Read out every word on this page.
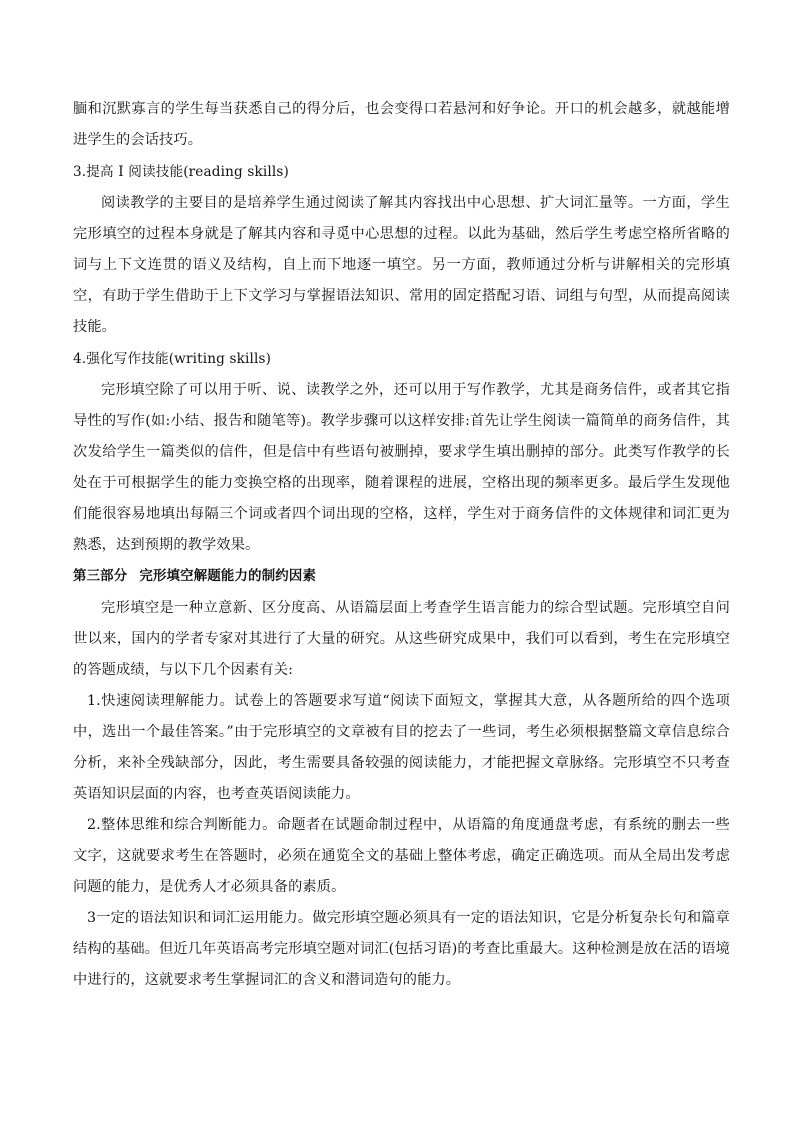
腼和沉默寡言的学生每当获悉自己的得分后，也会变得口若悬河和好争论。开口的机会越多，就越能增进学生的会话技巧。

3.提高 I 阅读技能(reading skills)

阅读教学的主要目的是培养学生通过阅读了解其内容找出中心思想、扩大词汇量等。一方面，学生完形填空的过程本身就是了解其内容和寻觅中心思想的过程。以此为基础，然后学生考虑空格所省略的词与上下文连贯的语义及结构，自上而下地逐一填空。另一方面，教师通过分析与讲解相关的完形填空，有助于学生借助于上下文学习与掌握语法知识、常用的固定搭配习语、词组与句型，从而提高阅读技能。

4.强化写作技能(writing skills)

完形填空除了可以用于听、说、读教学之外，还可以用于写作教学，尤其是商务信件，或者其它指导性的写作(如:小结、报告和随笔等)。教学步骤可以这样安排:首先让学生阅读一篇简单的商务信件，其次发给学生一篇类似的信件，但是信中有些语句被删掉，要求学生填出删掉的部分。此类写作教学的长处在于可根据学生的能力变换空格的出现率，随着课程的进展，空格出现的频率更多。最后学生发现他们能很容易地填出每隔三个词或者四个词出现的空格，这样，学生对于商务信件的文体规律和词汇更为熟悉，达到预期的教学效果。

第三部分 完形填空解题能力的制约因素

完形填空是一种立意新、区分度高、从语篇层面上考查学生语言能力的综合型试题。完形填空自问世以来，国内的学者专家对其进行了大量的研究。从这些研究成果中，我们可以看到，考生在完形填空的答题成绩，与以下几个因素有关:

1.快速阅读理解能力。试卷上的答题要求写道“阅读下面短文，掌握其大意，从各题所给的四个选项中，选出一个最佳答案。”由于完形填空的文章被有目的挖去了一些词，考生必须根据整篇文章信息综合分析，来补全残缺部分，因此，考生需要具备较强的阅读能力，才能把握文章脉络。完形填空不只考查英语知识层面的内容，也考查英语阅读能力。

2.整体思维和综合判断能力。命题者在试题命制过程中，从语篇的角度通盘考虑，有系统的删去一些文字，这就要求考生在答题时，必须在通览全文的基础上整体考虑，确定正确选项。而从全局出发考虑问题的能力，是优秀人才必须具备的素质。

3一定的语法知识和词汇运用能力。做完形填空题必须具有一定的语法知识，它是分析复杂长句和篇章结构的基础。但近几年英语高考完形填空题对词汇(包括习语)的考查比重最大。这种检测是放在活的语境中进行的，这就要求考生掌握词汇的含义和潜词造句的能力。
